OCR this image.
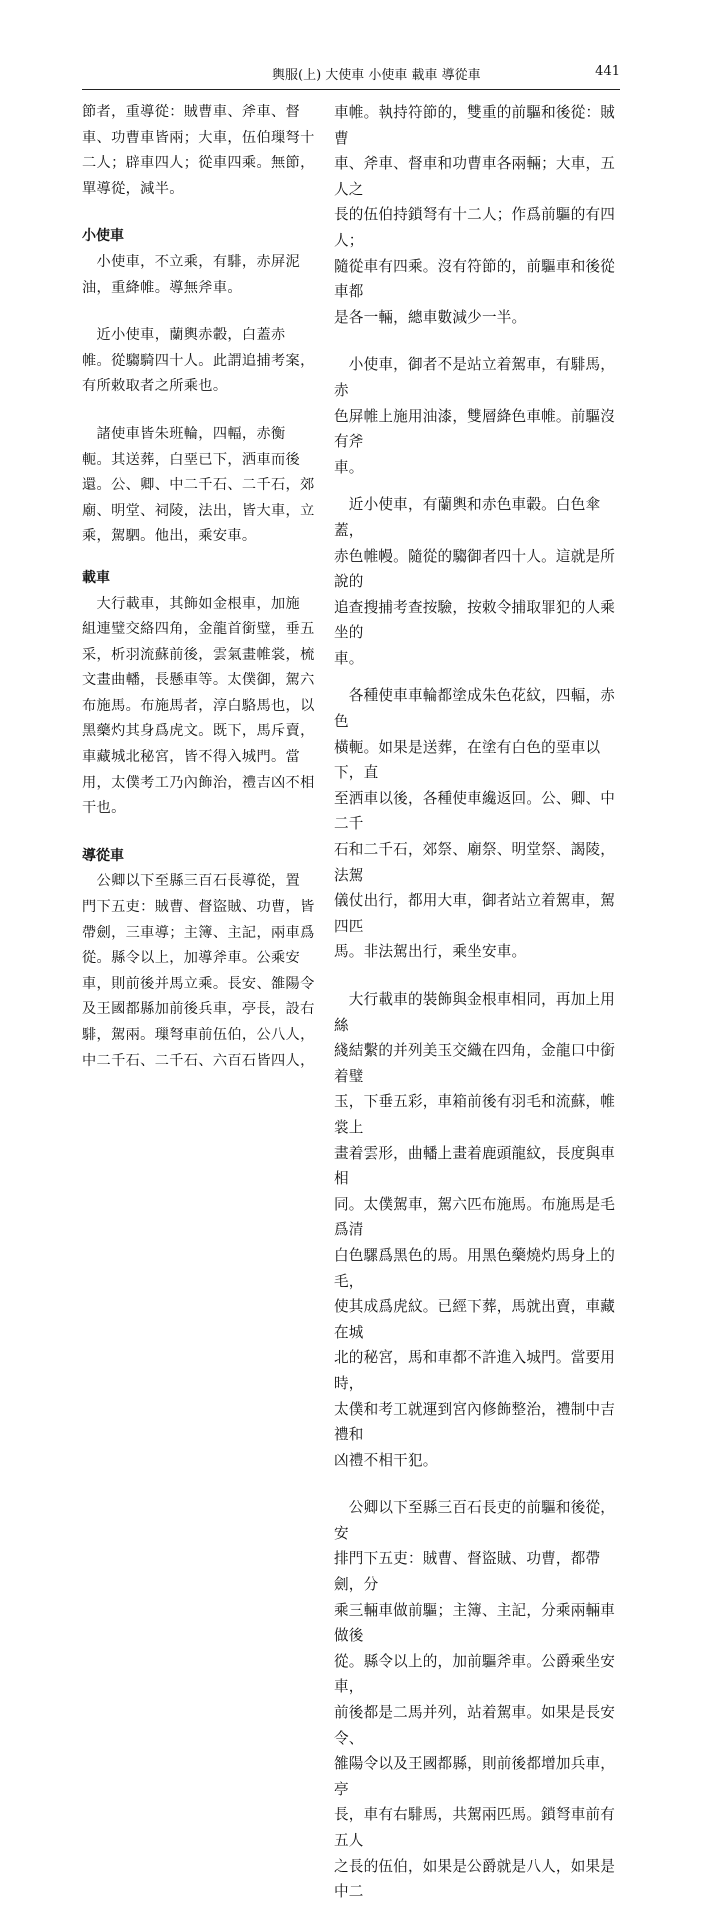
輿服(上) 大使車 小使車 載車 導從車	441
節者，重導從：賊曹車、斧車、督
車、功曹車皆兩；大車，伍伯璅弩十
二人；辟車四人；從車四乘。無節，
單導從，減半。
小使車
　小使車，不立乘，有騑，赤屏泥
油，重絳帷。導無斧車。
　近小使車，蘭輿赤轂，白蓋赤
帷。從騶騎四十人。此謂追捕考案，
有所敕取者之所乘也。
　諸使車皆朱班輪，四輻，赤衡
軛。其送葬，白堊已下，洒車而後
還。公、卿、中二千石、二千石，郊
廟、明堂、祠陵，法出，皆大車，立
乘，駕駟。他出，乘安車。
載車
　大行載車，其飾如金根車，加施
組連璧交絡四角，金龍首銜璧，垂五
采，析羽流蘇前後，雲氣畫帷裳，梳
文畫曲轓，長懸車等。太僕御，駕六
布施馬。布施馬者，淳白駱馬也，以
黑藥灼其身爲虎文。既下，馬斥賣，
車藏城北秘宮，皆不得入城門。當
用，太僕考工乃內飾治，禮吉凶不相
干也。
導從車
　公卿以下至縣三百石長導從，置
門下五吏：賊曹、督盜賊、功曹，皆
帶劍，三車導；主簿、主記，兩車爲
從。縣令以上，加導斧車。公乘安
車，則前後并馬立乘。長安、雒陽令
及王國都縣加前後兵車，亭長，設右
騑，駕兩。璅弩車前伍伯，公八人，
中二千石、二千石、六百石皆四人，
車帷。執持符節的，雙重的前驅和後從：賊曹
車、斧車、督車和功曹車各兩輛；大車，五人之
長的伍伯持鎖弩有十二人；作爲前驅的有四人；
隨從車有四乘。沒有符節的，前驅車和後從車都
是各一輛，總車數減少一半。
　小使車，御者不是站立着駕車，有騑馬，赤
色屏帷上施用油漆，雙層絳色車帷。前驅沒有斧
車。
　近小使車，有蘭輿和赤色車轂。白色傘蓋，
赤色帷幔。隨從的騶御者四十人。這就是所說的
追查搜捕考查按驗，按敕令捕取罪犯的人乘坐的
車。
　各種使車車輪都塗成朱色花紋，四輻，赤色
橫軛。如果是送葬，在塗有白色的堊車以下，直
至洒車以後，各種使車纔返回。公、卿、中二千
石和二千石，郊祭、廟祭、明堂祭、謁陵，法駕
儀仗出行，都用大車，御者站立着駕車，駕四匹
馬。非法駕出行，乘坐安車。
　大行載車的裝飾與金根車相同，再加上用絲
綫結繫的并列美玉交織在四角，金龍口中銜着璧
玉，下垂五彩，車箱前後有羽毛和流蘇，帷裳上
畫着雲形，曲轓上畫着鹿頭龍紋，長度與車相
同。太僕駕車，駕六匹布施馬。布施馬是毛爲清
白色騾爲黑色的馬。用黑色藥燒灼馬身上的毛，
使其成爲虎紋。已經下葬，馬就出賣，車藏在城
北的秘宮，馬和車都不許進入城門。當要用時，
太僕和考工就運到宮內修飾整治，禮制中吉禮和
凶禮不相干犯。
　公卿以下至縣三百石長吏的前驅和後從，安
排門下五吏：賊曹、督盜賊、功曹，都帶劍，分
乘三輛車做前驅；主簿、主記，分乘兩輛車做後
從。縣令以上的，加前驅斧車。公爵乘坐安車，
前後都是二馬并列，站着駕車。如果是長安令、
雒陽令以及王國都縣，則前後都增加兵車，亭
長，車有右騑馬，共駕兩匹馬。鎖弩車前有五人
之長的伍伯，如果是公爵就是八人，如果是中二
